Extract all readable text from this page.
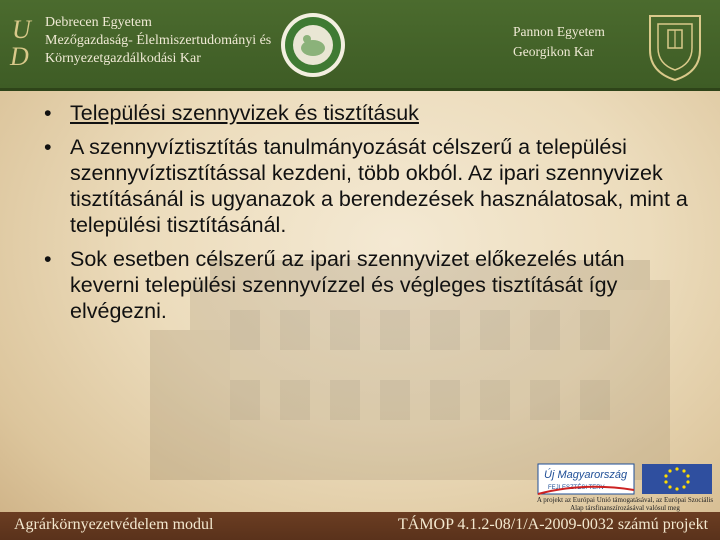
U
D
Debrecen Egyetem
Mezőgazdaság- Élelmiszertudományi és
Környezetgazdálkodási Kar
Pannon Egyetem
Georgikon Kar
• Települési szennyvizek és tisztításuk
• A szennyvíztisztítás tanulmányozását célszerű a települési szennyvíztisztítással kezdeni, több okból. Az ipari szennyvizek tisztításánál is ugyanazok a berendezések használatosak, mint a települési tisztításánál.
• Sok esetben célszerű az ipari szennyvizet előkezelés után keverni települési szennyvízzel és végleges tisztítását így elvégezni.
Új Magyarország
FEJLESZTÉSI TERV
A projekt az Európai Unió támogatásával, az Európai Szociális Alap társfinanszírozásával valósul meg
Agrárkörnyezetvédelem modul	TÁMOP 4.1.2-08/1/A-2009-0032 számú projekt
